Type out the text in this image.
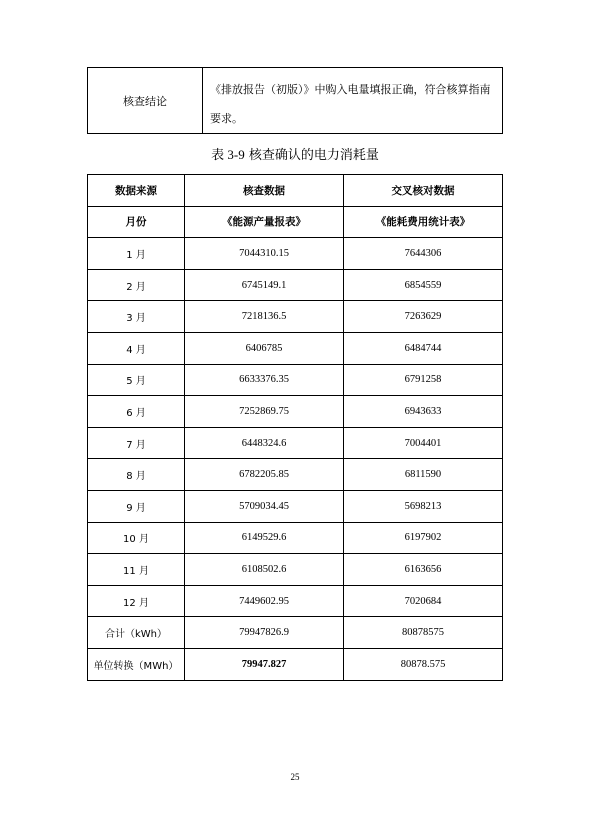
核查结论	《排放报告（初版）》中购入电量填报正确，符合核算指南要求。
表 3-9 核查确认的电力消耗量
数据来源	核查数据	交叉核对数据
月份	《能源产量报表》	《能耗费用统计表》
1 月	7044310.15	7644306
2 月	6745149.1	6854559
3 月	7218136.5	7263629
4 月	6406785	6484744
5 月	6633376.35	6791258
6 月	7252869.75	6943633
7 月	6448324.6	7004401
8 月	6782205.85	6811590
9 月	5709034.45	5698213
10 月	6149529.6	6197902
11 月	6108502.6	6163656
12 月	7449602.95	7020684
合计（kWh）	79947826.9	80878575
单位转换（MWh）	79947.827	80878.575
25
